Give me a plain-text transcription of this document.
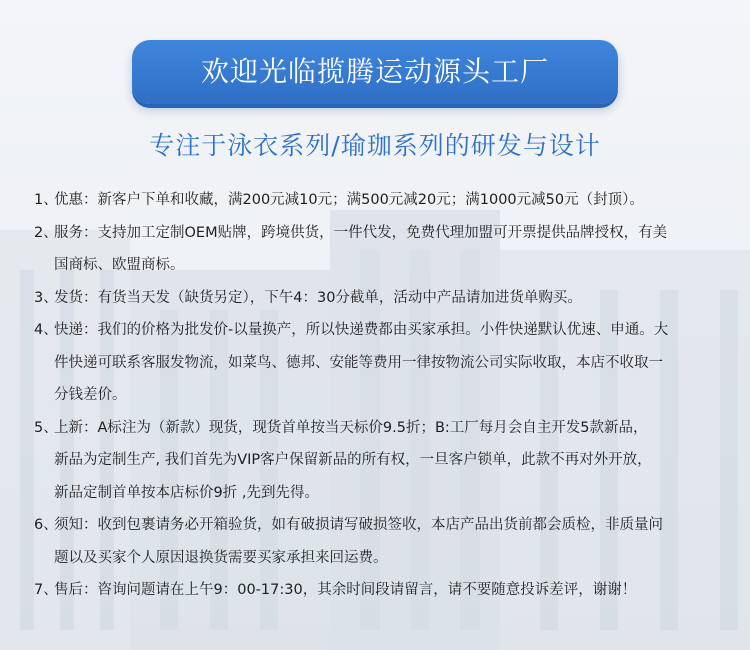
欢迎光临揽腾运动源头工厂
专注于泳衣系列/瑜珈系列的研发与设计
1、
优惠：新客户下单和收藏，满200元减10元；满500元减20元；满1000元减50元（封顶）。
2、
服务：支持加工定制OEM贴牌，跨境供货，一件代发，免费代理加盟可开票提供品牌授权，有美
国商标、欧盟商标。
3、
发货：有货当天发（缺货另定），下午4：30分截单，活动中产品请加进货单购买。
4、
快递：我们的价格为批发价-以量换产，所以快递费都由买家承担。小件快递默认优速、申通。大
件快递可联系客服发物流，如菜鸟、德邦、安能等费用一律按物流公司实际收取，本店不收取一
分钱差价。
5、
上新：A标注为（新款）现货，现货首单按当天标价9.5折；B:工厂每月会自主开发5款新品，
新品为定制生产, 我们首先为VIP客户保留新品的所有权，一旦客户锁单，此款不再对外开放，
新品定制首单按本店标价9折 ,先到先得。
6、
须知：收到包裹请务必开箱验货，如有破损请写破损签收，本店产品出货前都会质检，非质量问
题以及买家个人原因退换货需要买家承担来回运费。
7、
售后：咨询问题请在上午9：00-17:30，其余时间段请留言，请不要随意投诉差评，谢谢！
